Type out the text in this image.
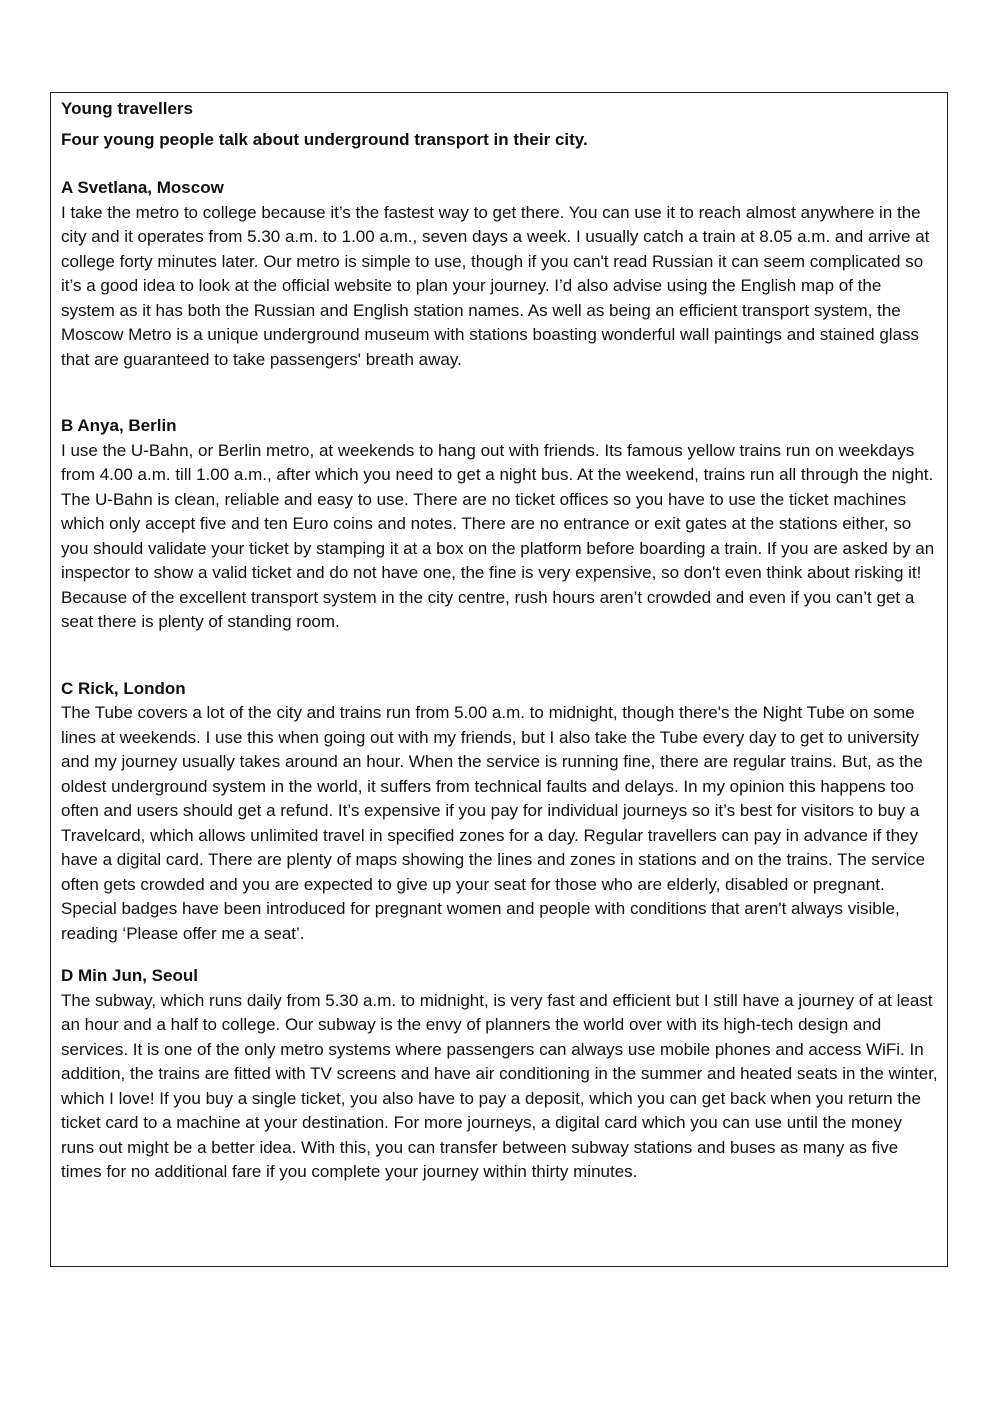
Young travellers
Four young people talk about underground transport in their city.
A Svetlana, Moscow

I take the metro to college because it’s the fastest way to get there. You can use it to reach almost anywhere in the city and it operates from 5.30 a.m. to 1.00 a.m., seven days a week. I usually catch a train at 8.05 a.m. and arrive at college forty minutes later. Our metro is simple to use, though if you can't read Russian it can seem complicated so it’s a good idea to look at the official website to plan your journey. I’d also advise using the English map of the system as it has both the Russian and English station names. As well as being an efficient transport system, the Moscow Metro is a unique underground museum with stations boasting wonderful wall paintings and stained glass that are guaranteed to take passengers' breath away.

B Anya, Berlin

I use the U-Bahn, or Berlin metro, at weekends to hang out with friends. Its famous yellow trains run on weekdays from 4.00 a.m. till 1.00 a.m., after which you need to get a night bus. At the weekend, trains run all through the night. The U-Bahn is clean, reliable and easy to use. There are no ticket offices so you have to use the ticket machines which only accept five and ten Euro coins and notes. There are no entrance or exit gates at the stations either, so you should validate your ticket by stamping it at a box on the platform before boarding a train. If you are asked by an inspector to show a valid ticket and do not have one, the fine is very expensive, so don't even think about risking it! Because of the excellent transport system in the city centre, rush hours aren’t crowded and even if you can’t get a seat there is plenty of standing room.

C Rick, London

The Tube covers a lot of the city and trains run from 5.00 a.m. to midnight, though there's the Night Tube on some lines at weekends. I use this when going out with my friends, but I also take the Tube every day to get to university and my journey usually takes around an hour. When the service is running fine, there are regular trains. But, as the oldest underground system in the world, it suffers from technical faults and delays. In my opinion this happens too often and users should get a refund. It’s expensive if you pay for individual journeys so it’s best for visitors to buy a Travelcard, which allows unlimited travel in specified zones for a day. Regular travellers can pay in advance if they have a digital card. There are plenty of maps showing the lines and zones in stations and on the trains. The service often gets crowded and you are expected to give up your seat for those who are elderly, disabled or pregnant. Special badges have been introduced for pregnant women and people with conditions that aren't always visible, reading ‘Please offer me a seat’.

D Min Jun, Seoul

The subway, which runs daily from 5.30 a.m. to midnight, is very fast and efficient but I still have a journey of at least an hour and a half to college. Our subway is the envy of planners the world over with its high-tech design and services. It is one of the only metro systems where passengers can always use mobile phones and access WiFi. In addition, the trains are fitted with TV screens and have air conditioning in the summer and heated seats in the winter, which I love! If you buy a single ticket, you also have to pay a deposit, which you can get back when you return the ticket card to a machine at your destination. For more journeys, a digital card which you can use until the money runs out might be a better idea. With this, you can transfer between subway stations and buses as many as five times for no additional fare if you complete your journey within thirty minutes.
